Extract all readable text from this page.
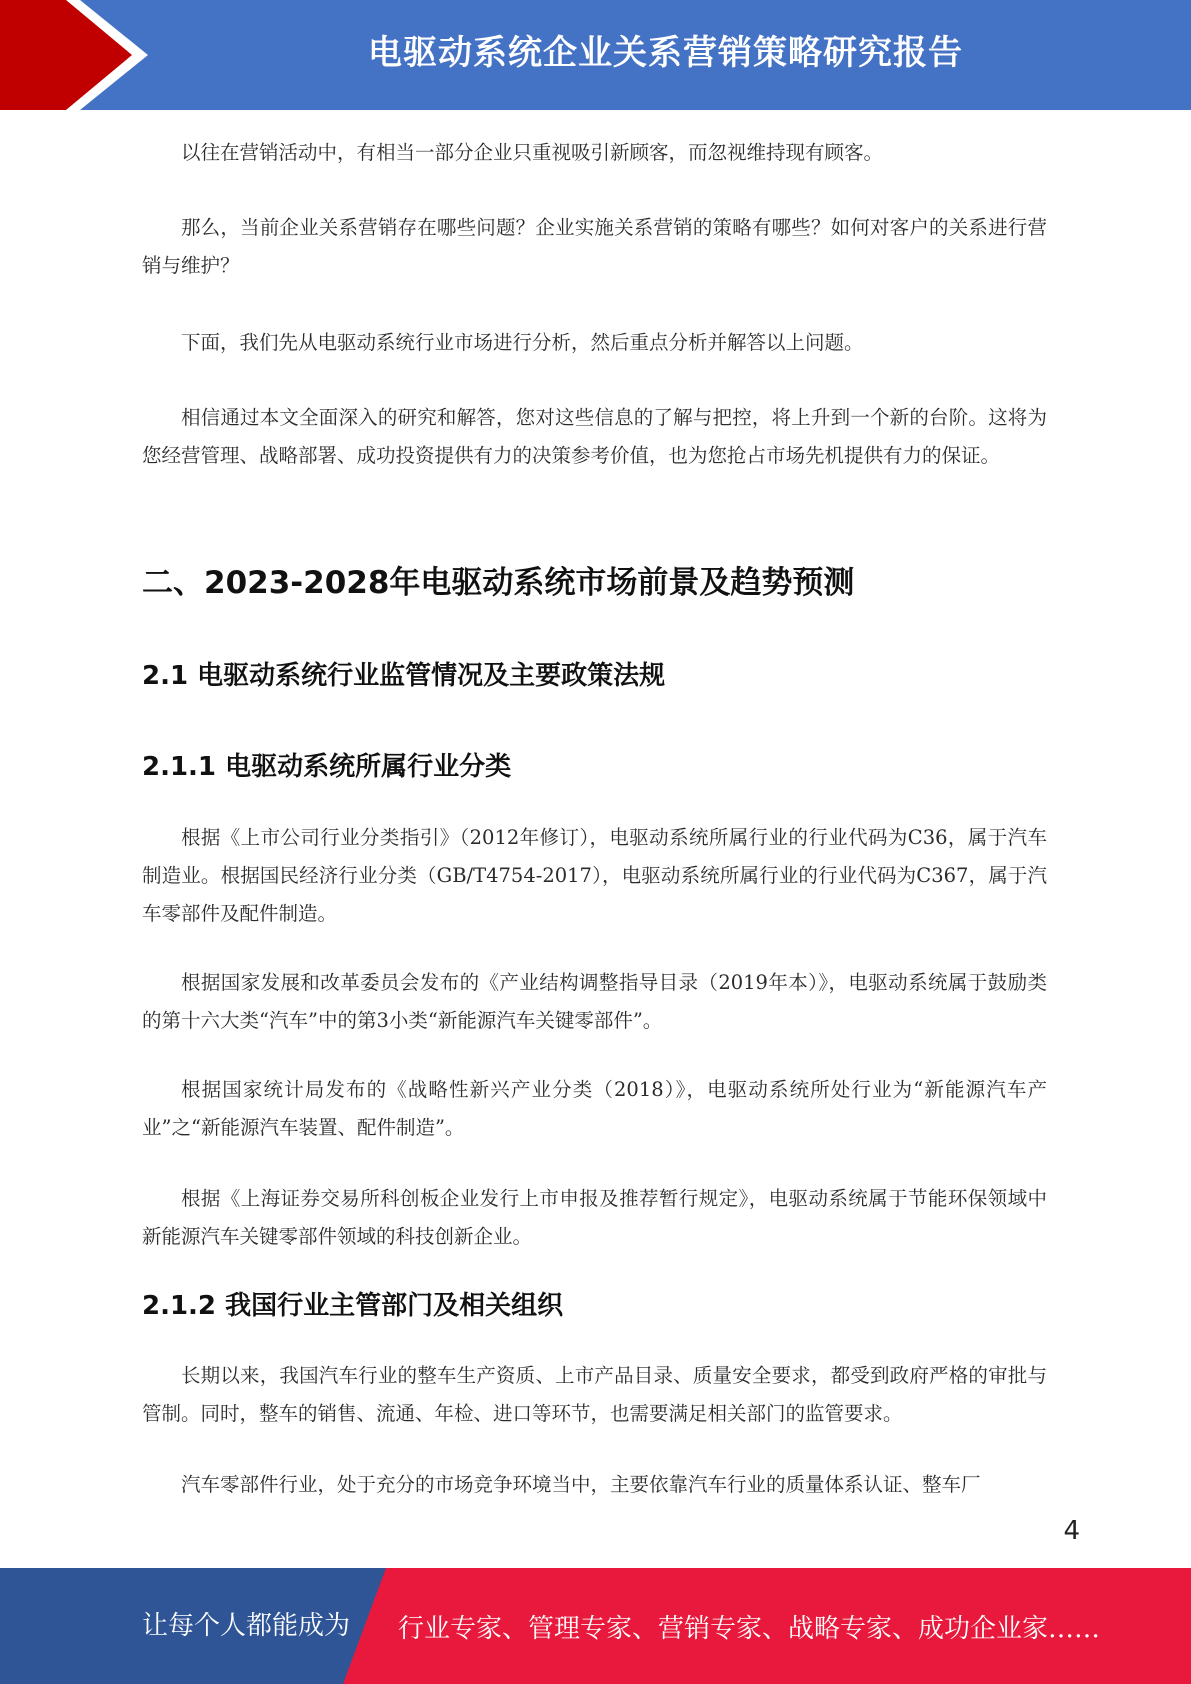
电驱动系统企业关系营销策略研究报告

以往在营销活动中，有相当一部分企业只重视吸引新顾客，而忽视维持现有顾客。

那么，当前企业关系营销存在哪些问题？企业实施关系营销的策略有哪些？如何对客户的关系进行营销与维护？

下面，我们先从电驱动系统行业市场进行分析，然后重点分析并解答以上问题。

相信通过本文全面深入的研究和解答，您对这些信息的了解与把控，将上升到一个新的台阶。这将为您经营管理、战略部署、成功投资提供有力的决策参考价值，也为您抢占市场先机提供有力的保证。

二、2023-2028年电驱动系统市场前景及趋势预测
2.1 电驱动系统行业监管情况及主要政策法规
2.1.1 电驱动系统所属行业分类

根据《上市公司行业分类指引》（2012年修订），电驱动系统所属行业的行业代码为C36，属于汽车制造业。根据国民经济行业分类（GB/T4754-2017），电驱动系统所属行业的行业代码为C367，属于汽车零部件及配件制造。

根据国家发展和改革委员会发布的《产业结构调整指导目录（2019年本）》，电驱动系统属于鼓励类的第十六大类“汽车”中的第3小类“新能源汽车关键零部件”。

根据国家统计局发布的《战略性新兴产业分类（2018）》，电驱动系统所处行业为“新能源汽车产业”之“新能源汽车装置、配件制造”。

根据《上海证券交易所科创板企业发行上市申报及推荐暂行规定》，电驱动系统属于节能环保领域中新能源汽车关键零部件领域的科技创新企业。

2.1.2 我国行业主管部门及相关组织

长期以来，我国汽车行业的整车生产资质、上市产品目录、质量安全要求，都受到政府严格的审批与管制。同时，整车的销售、流通、年检、进口等环节，也需要满足相关部门的监管要求。

汽车零部件行业，处于充分的市场竞争环境当中，主要依靠汽车行业的质量体系认证、整车厂

4
让每个人都能成为 行业专家、管理专家、营销专家、战略专家、成功企业家……
